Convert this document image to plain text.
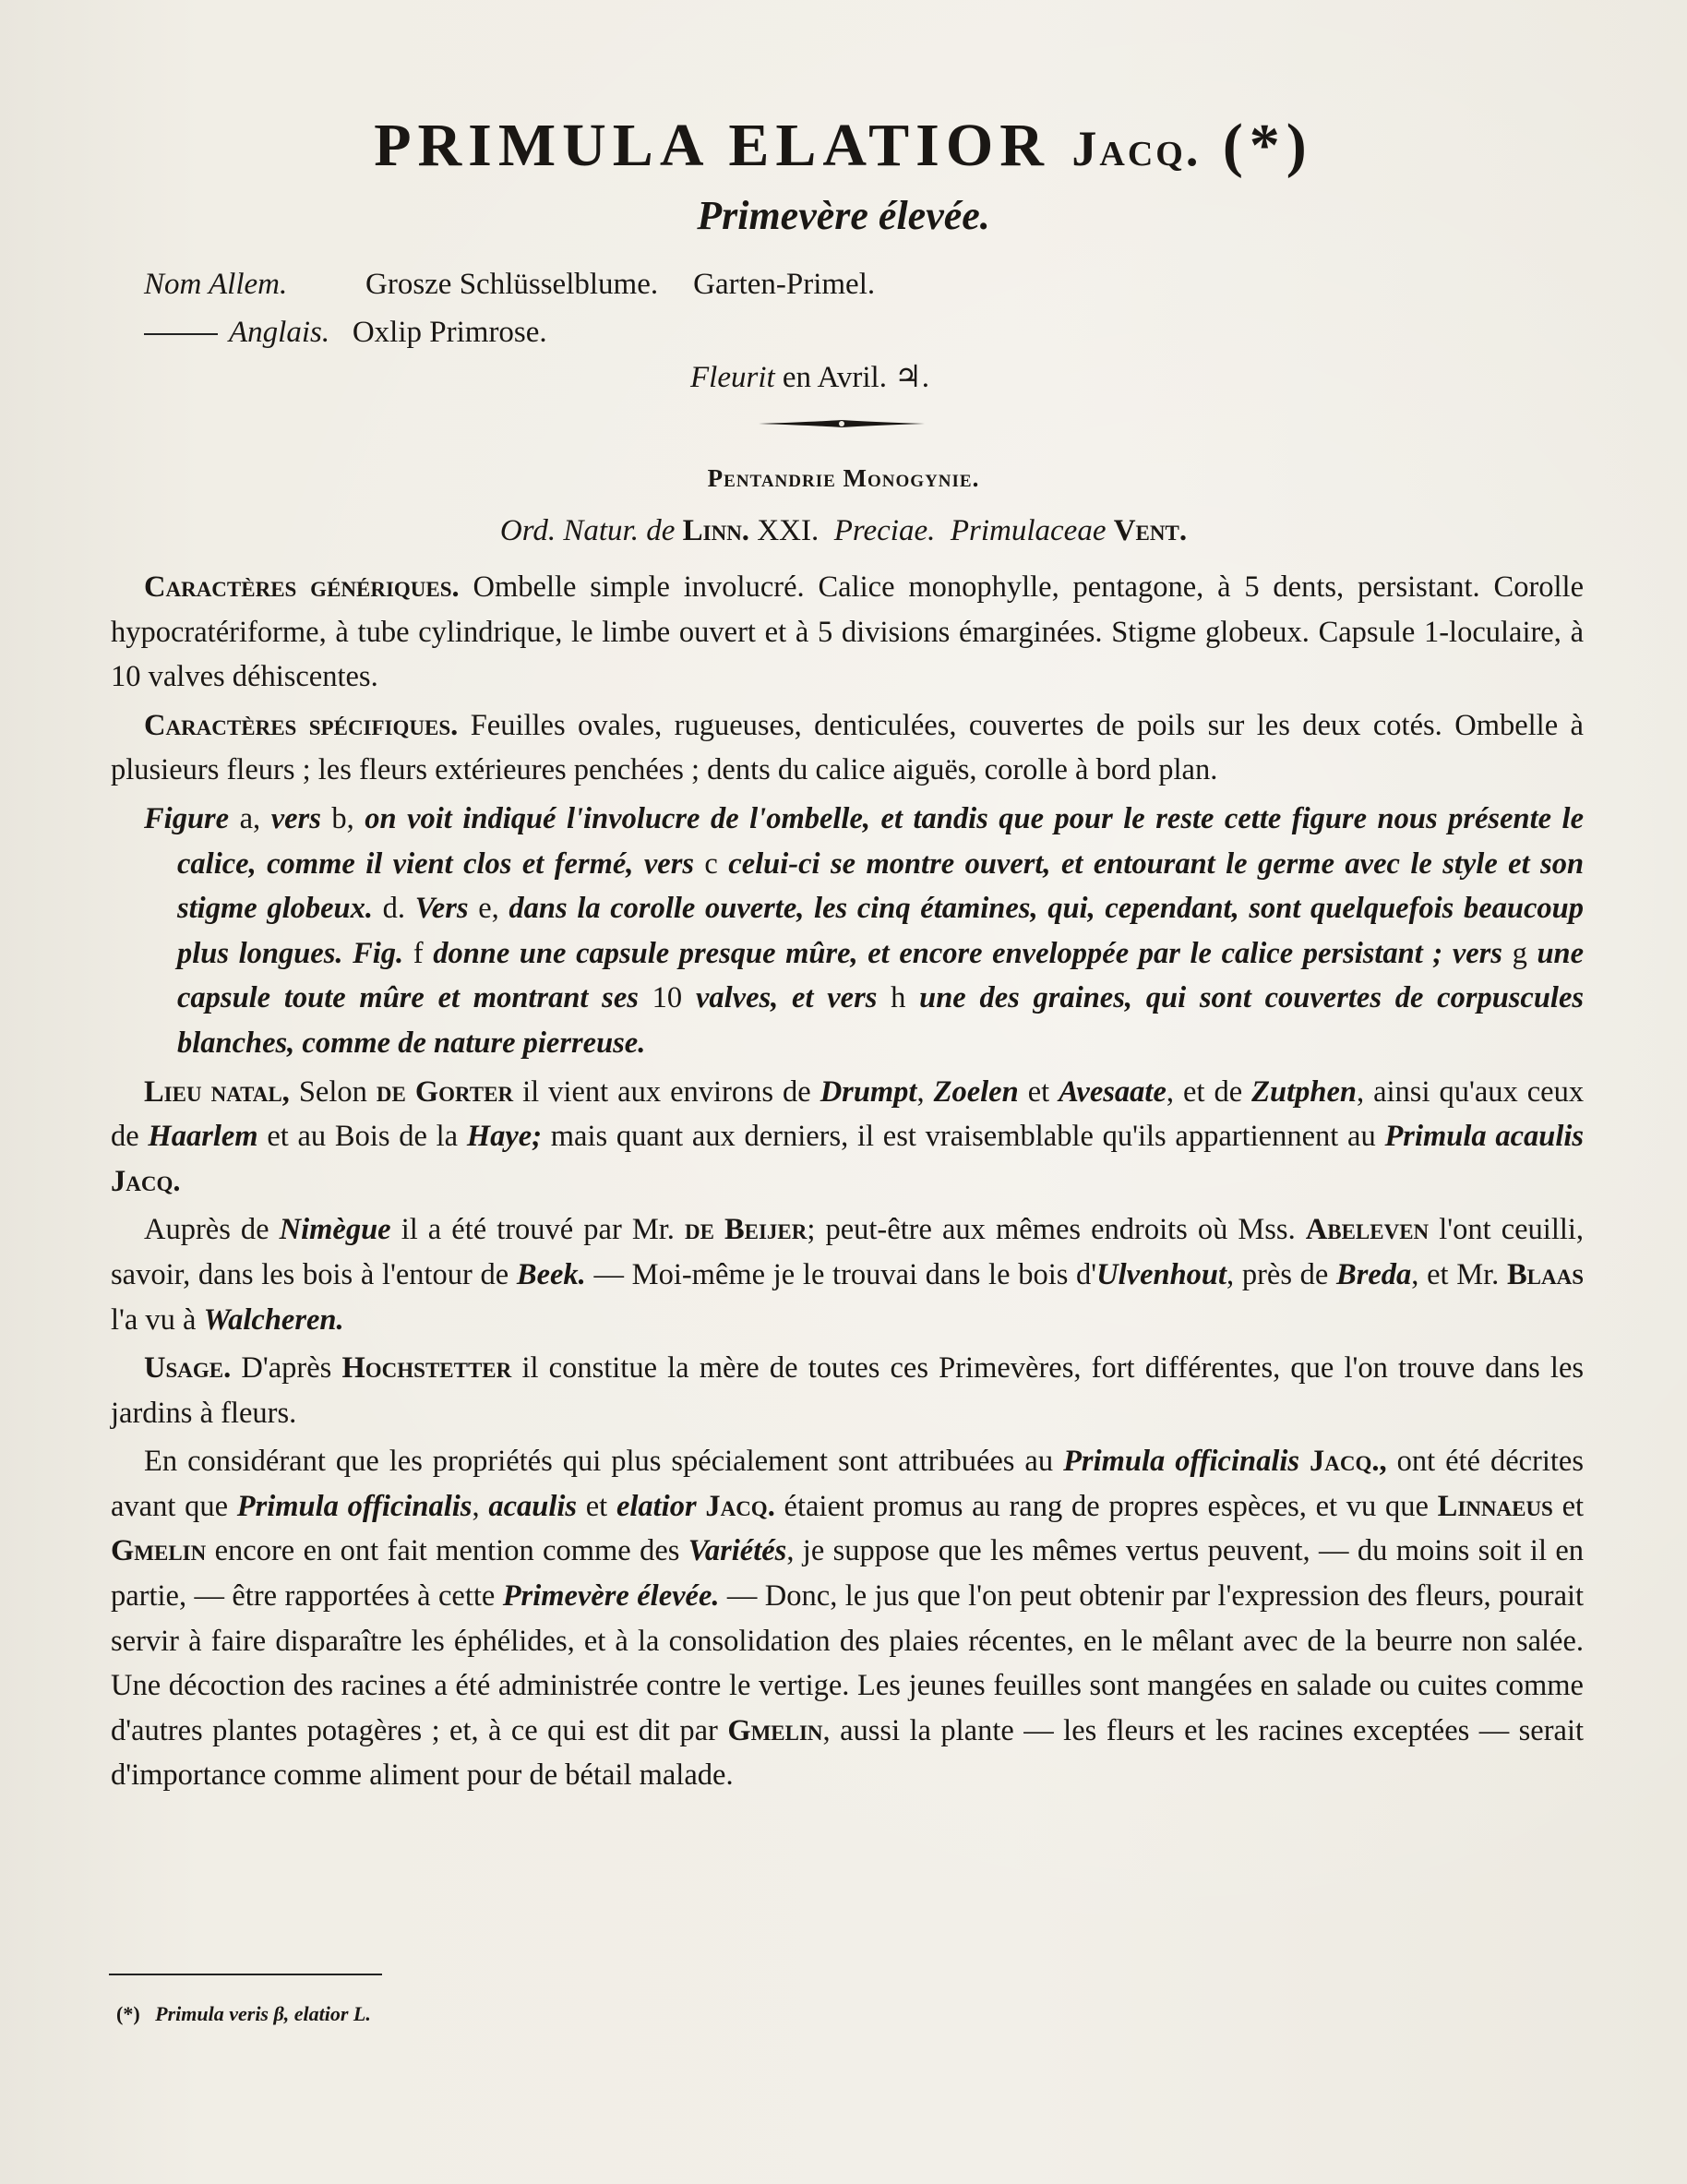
PRIMULA ELATIOR Jacq. (*)
Primevère élevée.
Nom Allem.	Grosze Schlüsselblume. Garten-Primel.
Anglais. Oxlip Primrose.
Fleurit en Avril. ♃.
Pentandrie Monogynie.
Ord. Natur. de Linn. XXI. Preciae. Primulaceae Vent.

Caractères génériques. Ombelle simple involucré. Calice monophylle, pentagone, à 5 dents, persistant. Corolle hypocratériforme, à tube cylindrique, le limbe ouvert et à 5 divisions émarginées. Stigme globeux. Capsule 1-loculaire, à 10 valves déhiscentes.

Caractères spécifiques. Feuilles ovales, rugueuses, denticulées, couvertes de poils sur les deux cotés. Ombelle à plusieurs fleurs ; les fleurs extérieures penchées ; dents du calice aiguës, corolle à bord plan.

Figure a, vers b, on voit indiqué l'involucre de l'ombelle, et tandis que pour le reste cette figure nous présente le calice, comme il vient clos et fermé, vers c celui-ci se montre ouvert, et entourant le germe avec le style et son stigme globeux. d. Vers e, dans la corolle ouverte, les cinq étamines, qui, cependant, sont quelquefois beaucoup plus longues. Fig. f donne une capsule presque mûre, et encore enveloppée par le calice persistant ; vers g une capsule toute mûre et montrant ses 10 valves, et vers h une des graines, qui sont couvertes de corpuscules blanches, comme de nature pierreuse.

Lieu natal, Selon de Gorter il vient aux environs de Drumpt, Zoelen et Avesaate, et de Zutphen, ainsi qu'aux ceux de Haarlem et au Bois de la Haye; mais quant aux derniers, il est vraisemblable qu'ils appartiennent au Primula acaulis Jacq.

Auprès de Nimègue il a été trouvé par Mr. de Beijer; peut-être aux mêmes endroits où Mss. Abeleven l'ont ceuilli, savoir, dans les bois à l'entour de Beek. — Moi-même je le trouvai dans le bois d'Ulvenhout, près de Breda, et Mr. Blaas l'a vu à Walcheren.

Usage. D'après Hochstetter il constitue la mère de toutes ces Primevères, fort différentes, que l'on trouve dans les jardins à fleurs.

En considérant que les propriétés qui plus spécialement sont attribuées au Primula officinalis Jacq., ont été décrites avant que Primula officinalis, acaulis et elatior Jacq. étaient promus au rang de propres espèces, et vu que Linnaeus et Gmelin encore en ont fait mention comme des Variétés, je suppose que les mêmes vertus peuvent, — du moins soit il en partie, — être rapportées à cette Primevère élevée. — Donc, le jus que l'on peut obtenir par l'expression des fleurs, pourait servir à faire disparaître les éphélides, et à la consolidation des plaies récentes, en le mêlant avec de la beurre non salée. Une décoction des racines a été administrée contre le vertige. Les jeunes feuilles sont mangées en salade ou cuites comme d'autres plantes potagères ; et, à ce qui est dit par Gmelin, aussi la plante — les fleurs et les racines exceptées — serait d'importance comme aliment pour de bétail malade.

(*) Primula veris β, elatior L.
